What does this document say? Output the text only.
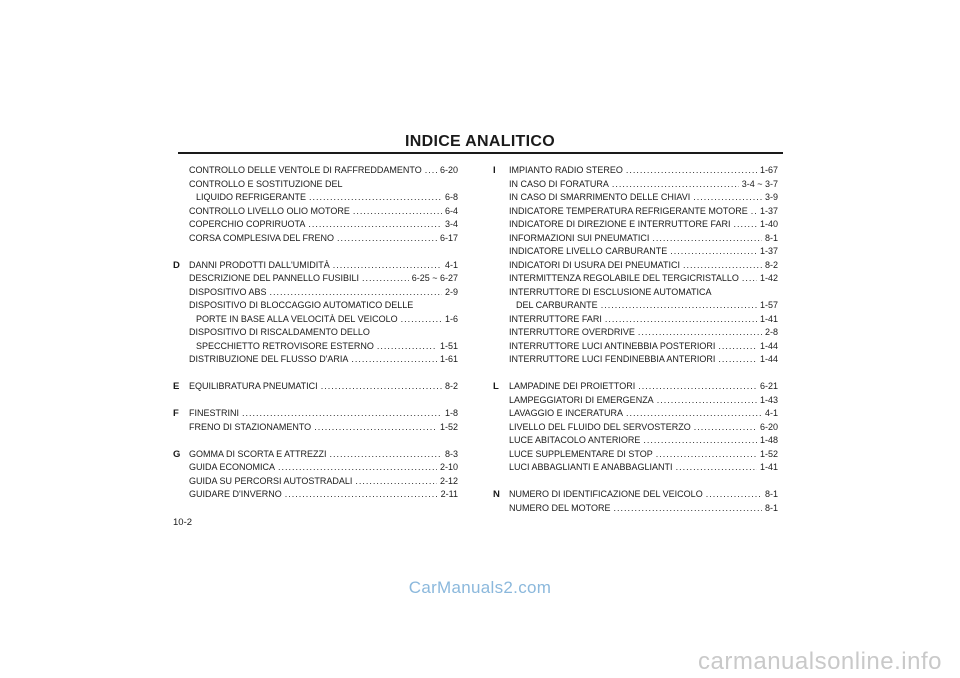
INDICE ANALITICO
CONTROLLO DELLE VENTOLE DI RAFFREDDAMENTO ..... 6-20
CONTROLLO E SOSTITUZIONE DEL
LIQUIDO REFRIGERANTE .....	6-8
CONTROLLO LIVELLO OLIO MOTORE .....	6-4
COPERCHIO COPRIRUOTA .....	3-4
CORSA COMPLESIVA DEL FRENO .....	6-17
D DANNI PRODOTTI DALL'UMIDITÀ .....	4-1
DESCRIZIONE DEL PANNELLO FUSIBILI .....	6-25 ~ 6-27
DISPOSITIVO ABS .....	2-9
DISPOSITIVO DI BLOCCAGGIO AUTOMATICO DELLE
PORTE IN BASE ALLA VELOCITÀ DEL VEICOLO .....	1-6
DISPOSITIVO DI RISCALDAMENTO DELLO
SPECCHIETTO RETROVISORE ESTERNO .....	1-51
DISTRIBUZIONE DEL FLUSSO D'ARIA .....	1-61
E EQUILIBRATURA PNEUMATICI .....	8-2
F FINESTRINI .....	1-8
FRENO DI STAZIONAMENTO .....	1-52
G GOMMA DI SCORTA E ATTREZZI .....	8-3
GUIDA ECONOMICA .....	2-10
GUIDA SU PERCORSI AUTOSTRADALI .....	2-12
GUIDARE D'INVERNO .....	2-11
I IMPIANTO RADIO STEREO .....	1-67
IN CASO DI FORATURA .....	3-4 ~ 3-7
IN CASO DI SMARRIMENTO DELLE CHIAVI .....	3-9
INDICATORE TEMPERATURA REFRIGERANTE MOTORE ..... 1-37
INDICATORE DI DIREZIONE E INTERRUTTORE FARI .....	1-40
INFORMAZIONI SUI PNEUMATICI .....	8-1
INDICATORE LIVELLO CARBURANTE .....	1-37
INDICATORI DI USURA DEI PNEUMATICI .....	8-2
INTERMITTENZA REGOLABILE DEL TERGICRISTALLO ..... 1-42
INTERRUTTORE DI ESCLUSIONE AUTOMATICA
DEL CARBURANTE .....	1-57
INTERRUTTORE FARI .....	1-41
INTERRUTTORE OVERDRIVE .....	2-8
INTERRUTTORE LUCI ANTINEBBIA POSTERIORI .....	1-44
INTERRUTTORE LUCI FENDINEBBIA ANTERIORI .....	1-44
L LAMPADINE DEI PROIETTORI .....	6-21
LAMPEGGIATORI DI EMERGENZA .....	1-43
LAVAGGIO E INCERATURA .....	4-1
LIVELLO DEL FLUIDO DEL SERVOSTERZO .....	6-20
LUCE ABITACOLO ANTERIORE .....	1-48
LUCE SUPPLEMENTARE DI STOP .....	1-52
LUCI ABBAGLIANTI E ANABBAGLIANTI .....	1-41
N NUMERO DI IDENTIFICAZIONE DEL VEICOLO .....	8-1
NUMERO DEL MOTORE .....	8-1
10-2
CarManuals2.com
carmanualsonline.info
